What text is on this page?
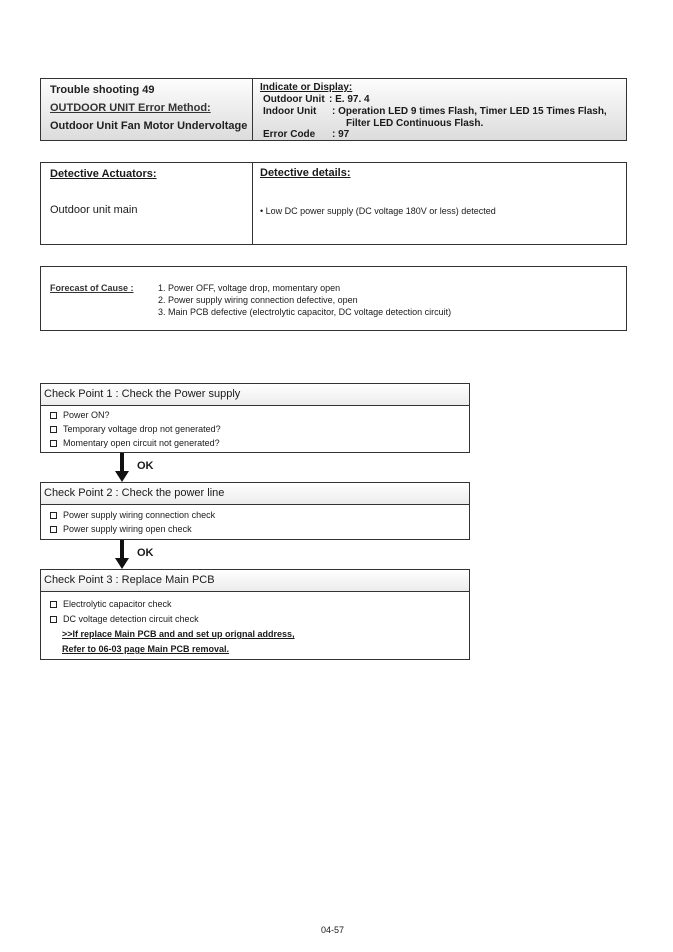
Trouble shooting 49
OUTDOOR UNIT Error Method:
Outdoor Unit Fan Motor Undervoltage
Indicate or Display:
Outdoor Unit : E. 97. 4
Indoor Unit : Operation LED 9 times Flash, Timer LED 15 Times Flash,
Filter LED Continuous Flash.
Error Code : 97
Detective Actuators:
Outdoor unit main
Detective details:
• Low DC power supply (DC voltage 180V or less) detected
Forecast of Cause :	1. Power OFF, voltage drop, momentary open
2. Power supply wiring connection defective, open
3. Main PCB defective (electrolytic capacitor, DC voltage detection circuit)
Check Point 1 : Check the Power supply
Power ON?
Temporary voltage drop not generated?
Momentary open circuit not generated?
OK
Check Point 2 : Check the power line
Power supply wiring connection check
Power supply wiring open check
OK
Check Point 3 : Replace Main PCB
Electrolytic capacitor check
DC voltage detection circuit check
>>If replace Main PCB and and set up orignal address,
Refer to 06-03 page Main PCB removal.
04-57
